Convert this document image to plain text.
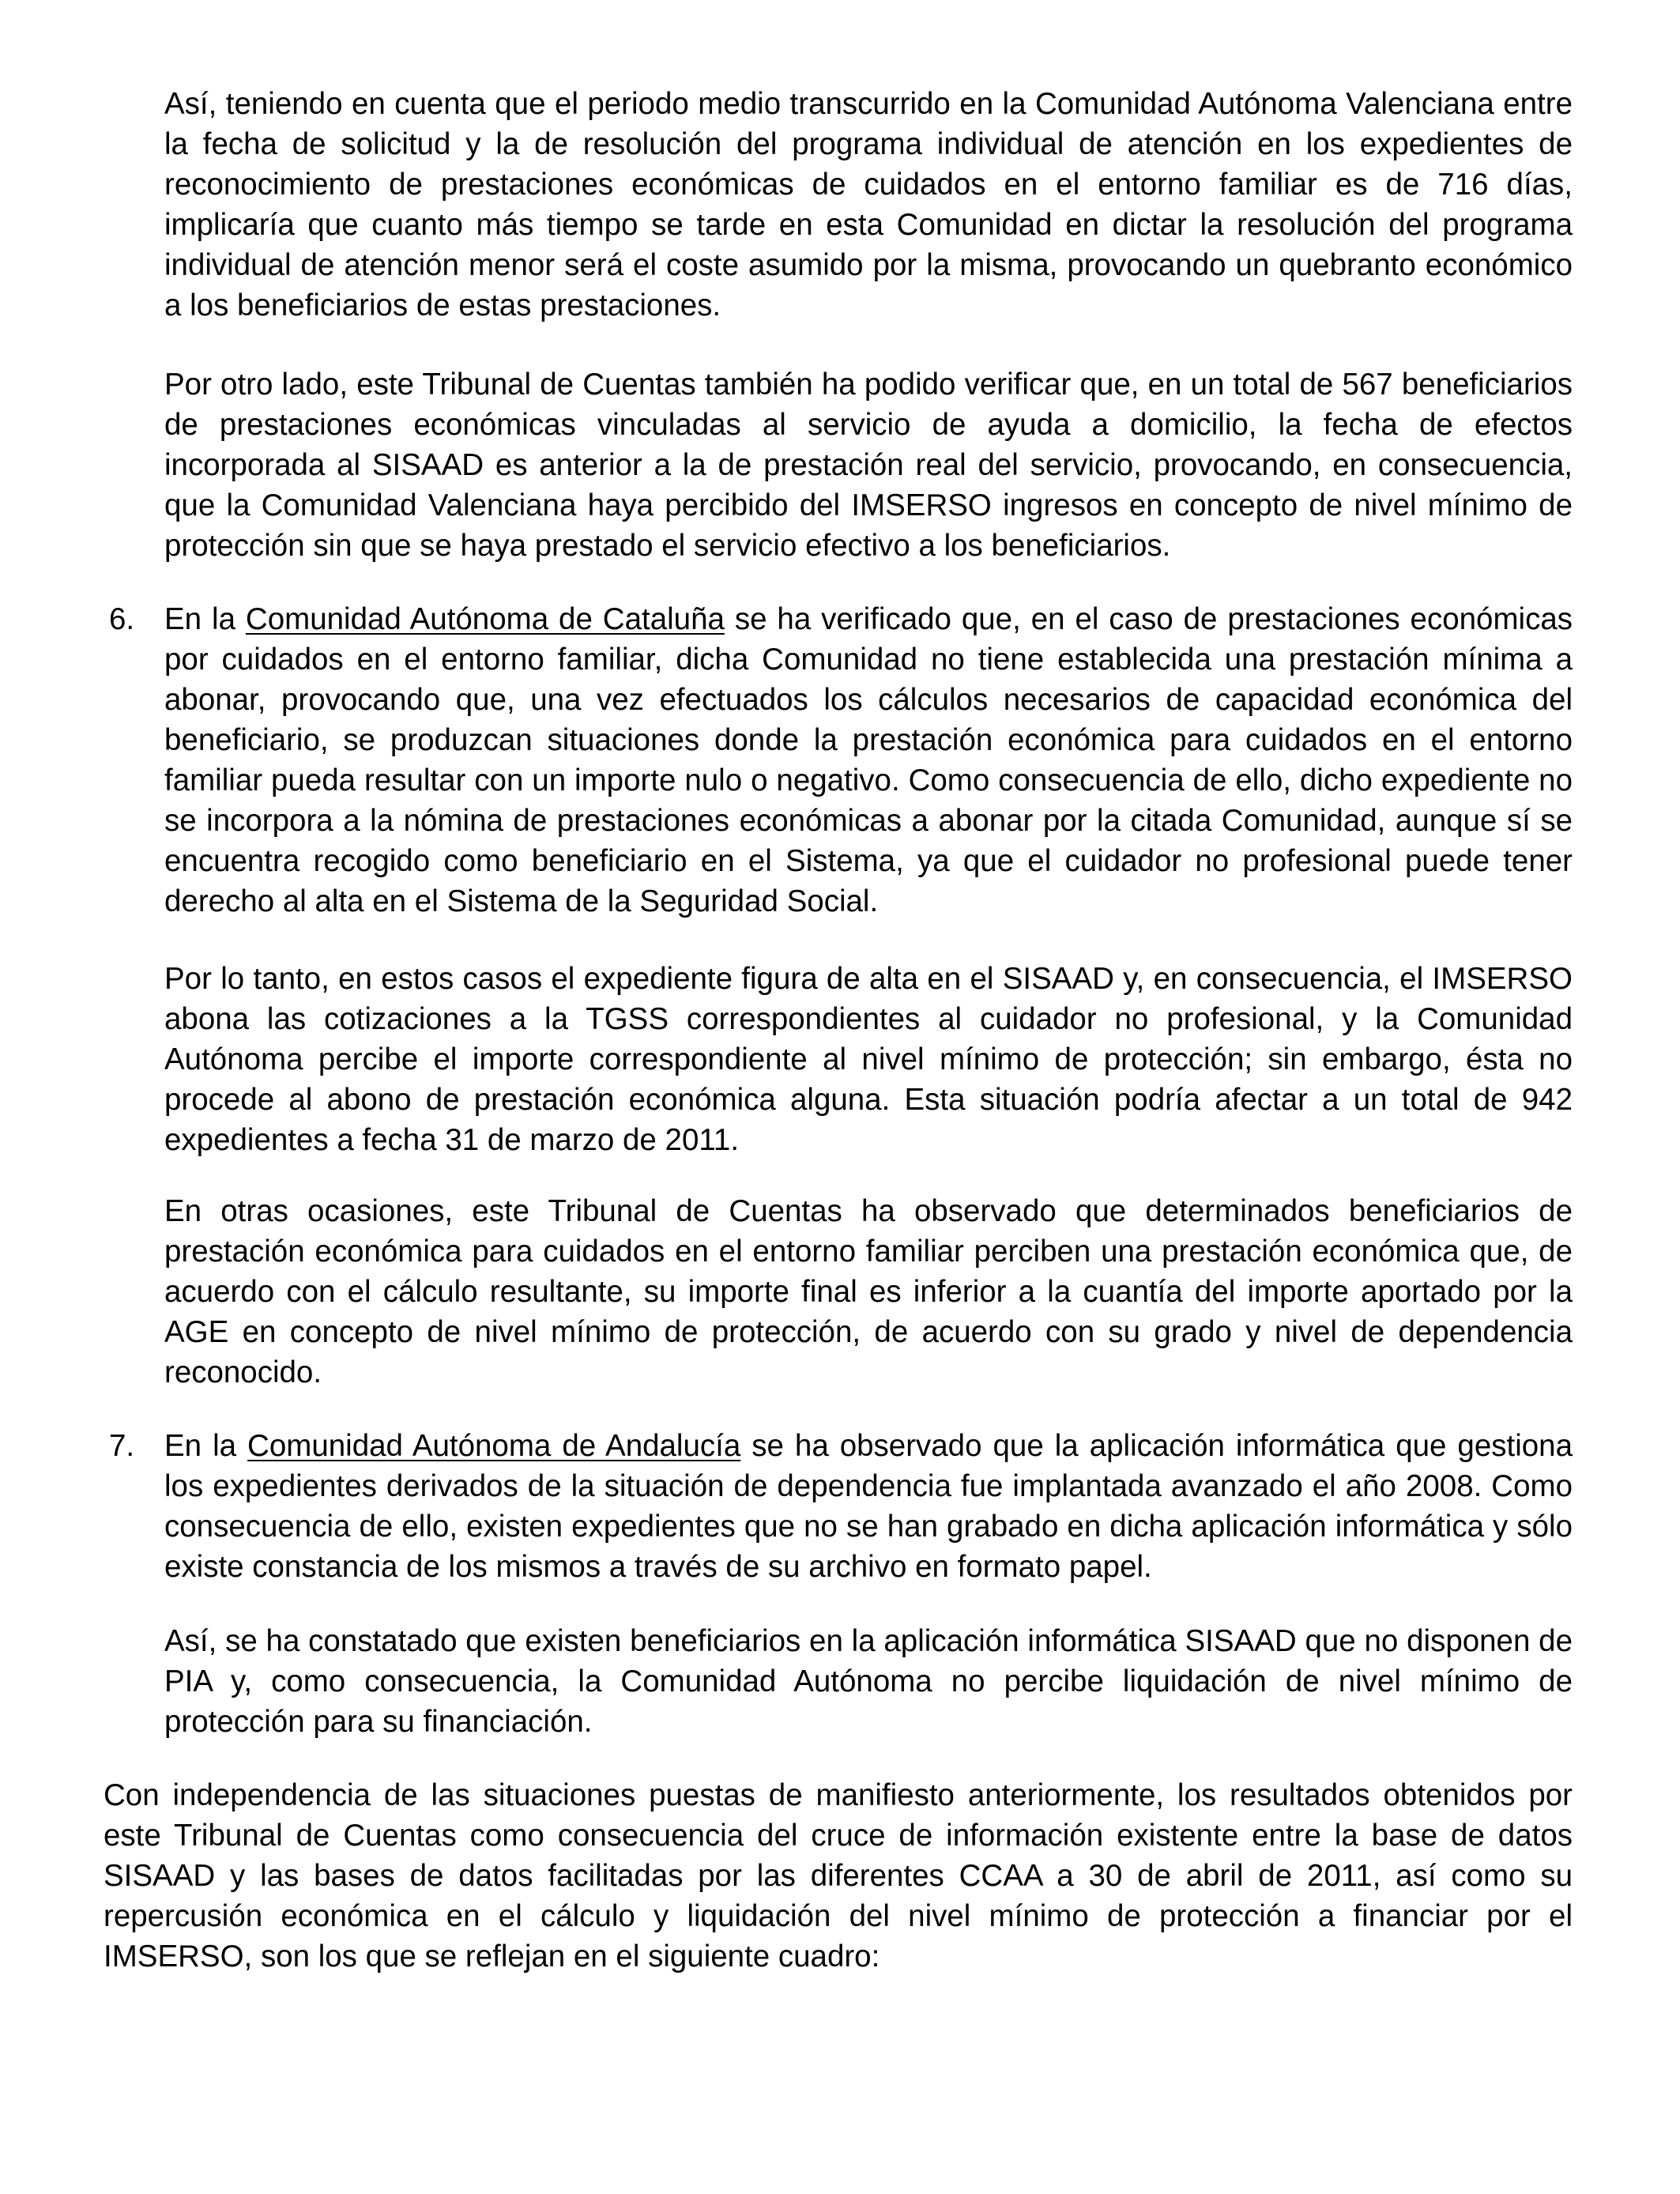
Así, teniendo en cuenta que el periodo medio transcurrido en la Comunidad Autónoma Valenciana entre la fecha de solicitud y la de resolución del programa individual de atención en los expedientes de reconocimiento de prestaciones económicas de cuidados en el entorno familiar es de 716 días, implicaría que cuanto más tiempo se tarde en esta Comunidad en dictar la resolución del programa individual de atención menor será el coste asumido por la misma, provocando un quebranto económico a los beneficiarios de estas prestaciones.

Por otro lado, este Tribunal de Cuentas también ha podido verificar que, en un total de 567 beneficiarios de prestaciones económicas vinculadas al servicio de ayuda a domicilio, la fecha de efectos incorporada al SISAAD es anterior a la de prestación real del servicio, provocando, en consecuencia, que la Comunidad Valenciana haya percibido del IMSERSO ingresos en concepto de nivel mínimo de protección sin que se haya prestado el servicio efectivo a los beneficiarios.

6. En la Comunidad Autónoma de Cataluña se ha verificado que, en el caso de prestaciones económicas por cuidados en el entorno familiar, dicha Comunidad no tiene establecida una prestación mínima a abonar, provocando que, una vez efectuados los cálculos necesarios de capacidad económica del beneficiario, se produzcan situaciones donde la prestación económica para cuidados en el entorno familiar pueda resultar con un importe nulo o negativo. Como consecuencia de ello, dicho expediente no se incorpora a la nómina de prestaciones económicas a abonar por la citada Comunidad, aunque sí se encuentra recogido como beneficiario en el Sistema, ya que el cuidador no profesional puede tener derecho al alta en el Sistema de la Seguridad Social.

Por lo tanto, en estos casos el expediente figura de alta en el SISAAD y, en consecuencia, el IMSERSO abona las cotizaciones a la TGSS correspondientes al cuidador no profesional, y la Comunidad Autónoma percibe el importe correspondiente al nivel mínimo de protección; sin embargo, ésta no procede al abono de prestación económica alguna. Esta situación podría afectar a un total de 942 expedientes a fecha 31 de marzo de 2011.

En otras ocasiones, este Tribunal de Cuentas ha observado que determinados beneficiarios de prestación económica para cuidados en el entorno familiar perciben una prestación económica que, de acuerdo con el cálculo resultante, su importe final es inferior a la cuantía del importe aportado por la AGE en concepto de nivel mínimo de protección, de acuerdo con su grado y nivel de dependencia reconocido.

7. En la Comunidad Autónoma de Andalucía se ha observado que la aplicación informática que gestiona los expedientes derivados de la situación de dependencia fue implantada avanzado el año 2008. Como consecuencia de ello, existen expedientes que no se han grabado en dicha aplicación informática y sólo existe constancia de los mismos a través de su archivo en formato papel.

Así, se ha constatado que existen beneficiarios en la aplicación informática SISAAD que no disponen de PIA y, como consecuencia, la Comunidad Autónoma no percibe liquidación de nivel mínimo de protección para su financiación.

Con independencia de las situaciones puestas de manifiesto anteriormente, los resultados obtenidos por este Tribunal de Cuentas como consecuencia del cruce de información existente entre la base de datos SISAAD y las bases de datos facilitadas por las diferentes CCAA a 30 de abril de 2011, así como su repercusión económica en el cálculo y liquidación del nivel mínimo de protección a financiar por el IMSERSO, son los que se reflejan en el siguiente cuadro:
